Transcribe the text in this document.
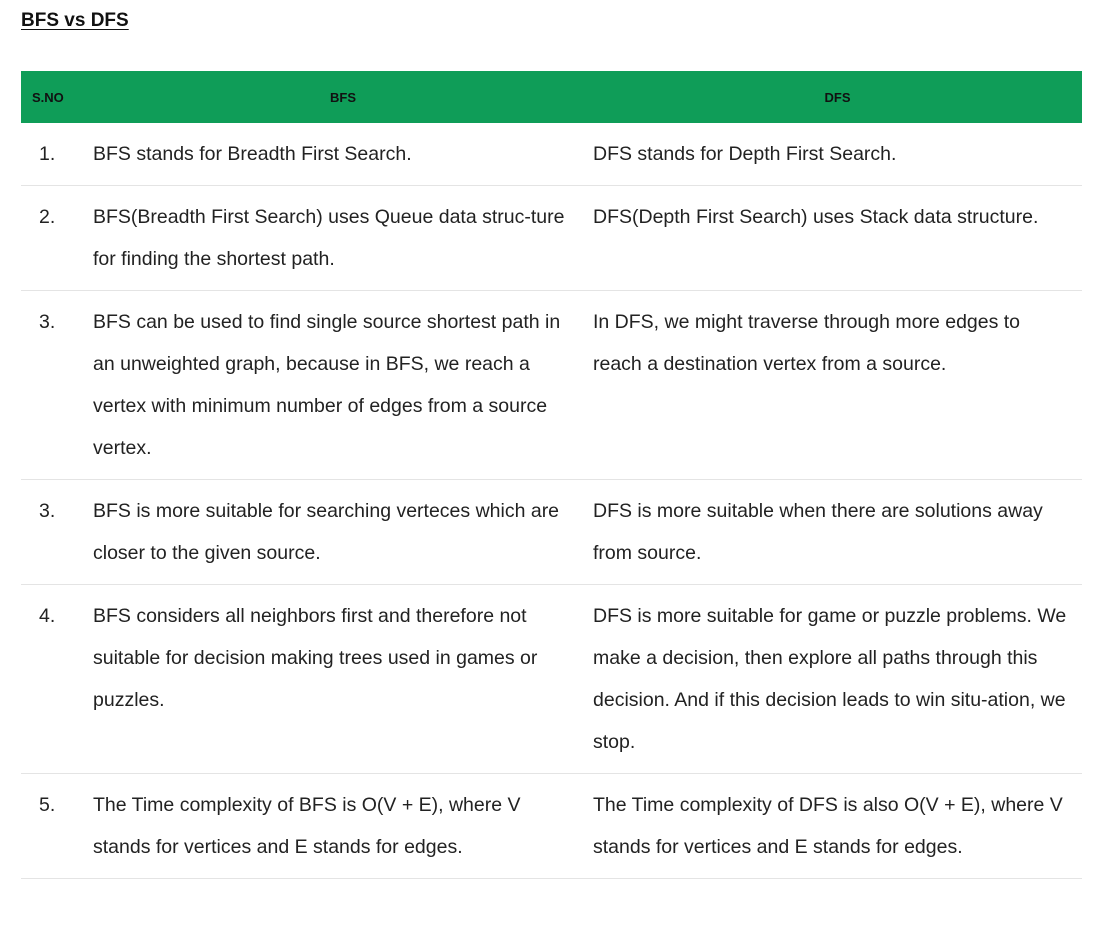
BFS vs DFS
S.NO	BFS	DFS
1.	BFS stands for Breadth First Search.	DFS stands for Depth First Search.
2.	BFS(Breadth First Search) uses Queue data struc-ture for finding the shortest path.	DFS(Depth First Search) uses Stack data structure.
3.	BFS can be used to find single source shortest path in an unweighted graph, because in BFS, we reach a vertex with minimum number of edges from a source vertex.	In DFS, we might traverse through more edges to reach a destination vertex from a source.
3.	BFS is more suitable for searching verteces which are closer to the given source.	DFS is more suitable when there are solutions away from source.
4.	BFS considers all neighbors first and therefore not suitable for decision making trees used in games or puzzles.	DFS is more suitable for game or puzzle problems. We make a decision, then explore all paths through this decision. And if this decision leads to win situ-ation, we stop.
5.	The Time complexity of BFS is O(V + E), where V stands for vertices and E stands for edges.	The Time complexity of DFS is also O(V + E), where V stands for vertices and E stands for edges.
